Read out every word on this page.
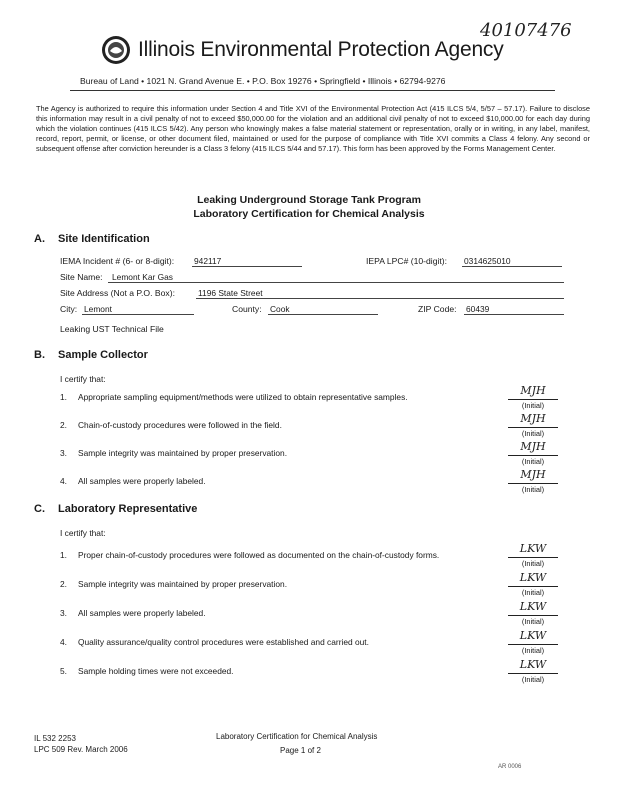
40107476
Illinois Environmental Protection Agency
Bureau of Land • 1021 N. Grand Avenue E. • P.O. Box 19276 • Springfield • Illinois • 62794-9276
The Agency is authorized to require this information under Section 4 and Title XVI of the Environmental Protection Act (415 ILCS 5/4, 5/57 – 57.17). Failure to disclose this information may result in a civil penalty of not to exceed $50,000.00 for the violation and an additional civil penalty of not to exceed $10,000.00 for each day during which the violation continues (415 ILCS 5/42). Any person who knowingly makes a false material statement or representation, orally or in writing, in any label, manifest, record, report, permit, or license, or other document filed, maintained or used for the purpose of compliance with Title XVI commits a Class 4 felony. Any second or subsequent offense after conviction hereunder is a Class 3 felony (415 ILCS 5/44 and 57.17). This form has been approved by the Forms Management Center.
Leaking Underground Storage Tank Program
Laboratory Certification for Chemical Analysis
A. Site Identification
IEMA Incident # (6- or 8-digit): 942117	IEPA LPC# (10-digit): 0314625010
Site Name: Lemont Kar Gas
Site Address (Not a P.O. Box):	1196 State Street
City: Lemont	County: Cook	ZIP Code: 60439
Leaking UST Technical File
B. Sample Collector
I certify that:
1.	Appropriate sampling equipment/methods were utilized to obtain representative samples.	MJH
(Initial)
2.	Chain-of-custody procedures were followed in the field.	MJH
(Initial)
3.	Sample integrity was maintained by proper preservation.	MJH
(Initial)
4.	All samples were properly labeled.	MJH
(Initial)
C. Laboratory Representative
I certify that:
1.	Proper chain-of-custody procedures were followed as documented on the chain-of-custody forms.	LKW
(Initial)
2.	Sample integrity was maintained by proper preservation.	LKW
(Initial)
3.	All samples were properly labeled.	LKW
(Initial)
4.	Quality assurance/quality control procedures were established and carried out.	LKW
(Initial)
5.	Sample holding times were not exceeded.	LKW
(Initial)
IL 532 2253
LPC 509 Rev. March 2006
Laboratory Certification for Chemical Analysis
Page 1 of 2
AR 0006
